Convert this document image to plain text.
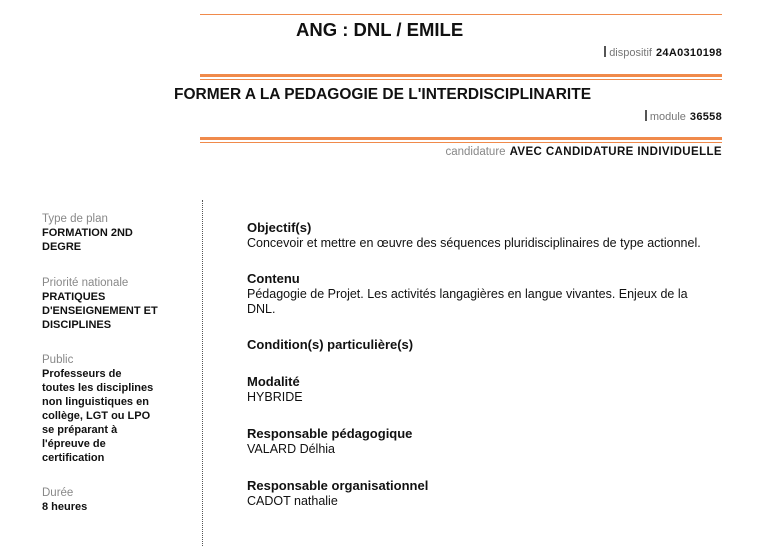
ANG : DNL / EMILE
dispositif 24A0310198
FORMER A LA PEDAGOGIE DE L'INTERDISCIPLINARITE
module 36558
candidature AVEC CANDIDATURE INDIVIDUELLE
Type de plan
FORMATION 2ND
DEGRE
Priorité nationale
PRATIQUES
D'ENSEIGNEMENT ET
DISCIPLINES
Public
Professeurs de
toutes les disciplines
non linguistiques en
collège, LGT ou LPO
se préparant à
l'épreuve de
certification
Durée
8 heures
Objectif(s)
Concevoir et mettre en œuvre des séquences pluridisciplinaires de type actionnel.
Contenu
Pédagogie de Projet. Les activités langagières en langue vivantes. Enjeux de la
DNL.
Condition(s) particulière(s)
Modalité
HYBRIDE
Responsable pédagogique
VALARD Délhia
Responsable organisationnel
CADOT nathalie
